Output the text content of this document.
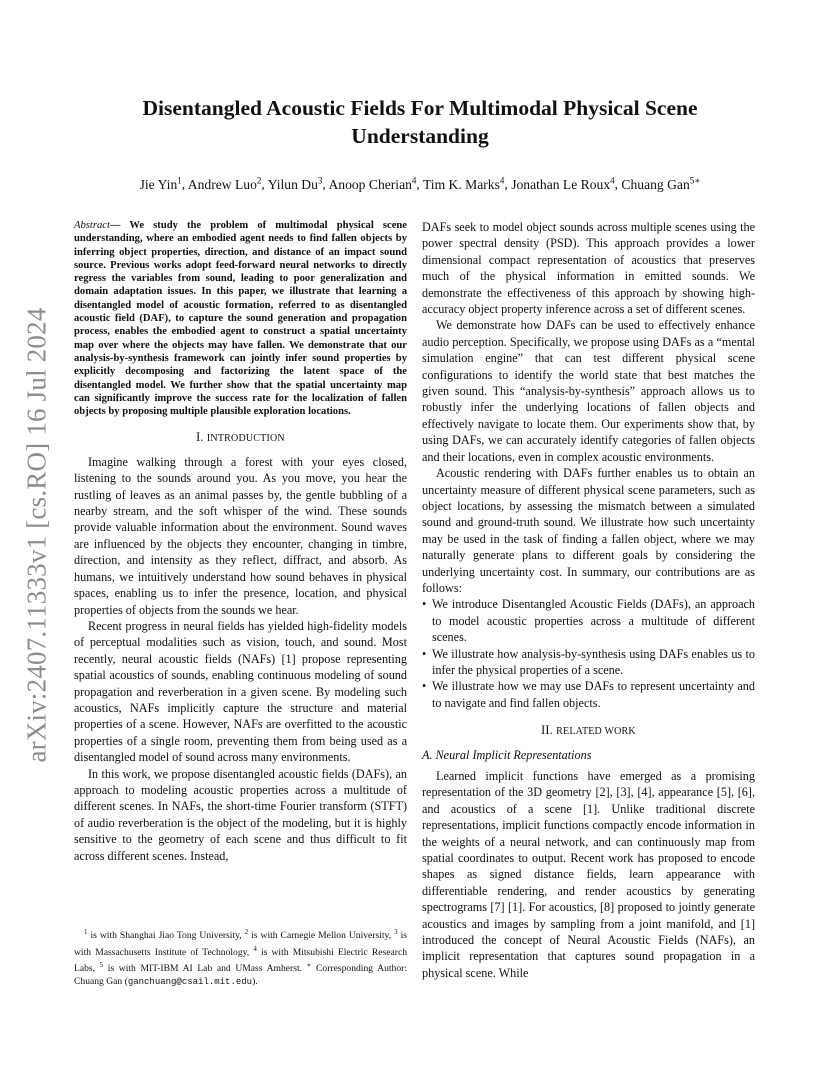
arXiv:2407.11333v1 [cs.RO] 16 Jul 2024
Disentangled Acoustic Fields For Multimodal Physical Scene
Understanding
Jie Yin$^1$, Andrew Luo$^2$, Yilun Du$^3$, Anoop Cherian$^4$, Tim K. Marks$^4$, Jonathan Le Roux$^4$, Chuang Gan$^{5∗}$
Abstract— We study the problem of multimodal physical scene understanding, where an embodied agent needs to find fallen objects by inferring object properties, direction, and distance of an impact sound source. Previous works adopt feed-forward neural networks to directly regress the variables from sound, leading to poor generalization and domain adaptation issues. In this paper, we illustrate that learning a disentangled model of acoustic formation, referred to as disentangled acoustic field (DAF), to capture the sound generation and propagation process, enables the embodied agent to construct a spatial uncertainty map over where the objects may have fallen. We demonstrate that our analysis-by-synthesis framework can jointly infer sound properties by explicitly decomposing and factorizing the latent space of the disentangled model. We further show that the spatial uncertainty map can significantly improve the success rate for the localization of fallen objects by proposing multiple plausible exploration locations.
I. INTRODUCTION

Imagine walking through a forest with your eyes closed, listening to the sounds around you. As you move, you hear the rustling of leaves as an animal passes by, the gentle bubbling of a nearby stream, and the soft whisper of the wind. These sounds provide valuable information about the environment. Sound waves are influenced by the objects they encounter, changing in timbre, direction, and intensity as they reflect, diffract, and absorb. As humans, we intuitively understand how sound behaves in physical spaces, enabling us to infer the presence, location, and physical properties of objects from the sounds we hear.

Recent progress in neural fields has yielded high-fidelity models of perceptual modalities such as vision, touch, and sound. Most recently, neural acoustic fields (NAFs) [1] propose representing spatial acoustics of sounds, enabling continuous modeling of sound propagation and reverberation in a given scene. By modeling such acoustics, NAFs implicitly capture the structure and material properties of a scene. However, NAFs are overfitted to the acoustic properties of a single room, preventing them from being used as a disentangled model of sound across many environments.

In this work, we propose disentangled acoustic fields (DAFs), an approach to modeling acoustic properties across a multitude of different scenes. In NAFs, the short-time Fourier transform (STFT) of audio reverberation is the object of the modeling, but it is highly sensitive to the geometry of each scene and thus difficult to fit across different scenes. Instead,

DAFs seek to model object sounds across multiple scenes using the power spectral density (PSD). This approach provides a lower dimensional compact representation of acoustics that preserves much of the physical information in emitted sounds. We demonstrate the effectiveness of this approach by showing high-accuracy object property inference across a set of different scenes.

We demonstrate how DAFs can be used to effectively enhance audio perception. Specifically, we propose using DAFs as a “mental simulation engine” that can test different physical scene configurations to identify the world state that best matches the given sound. This “analysis-by-synthesis” approach allows us to robustly infer the underlying locations of fallen objects and effectively navigate to locate them. Our experiments show that, by using DAFs, we can accurately identify categories of fallen objects and their locations, even in complex acoustic environments.

Acoustic rendering with DAFs further enables us to obtain an uncertainty measure of different physical scene parameters, such as object locations, by assessing the mismatch between a simulated sound and ground-truth sound. We illustrate how such uncertainty may be used in the task of finding a fallen object, where we may naturally generate plans to different goals by considering the underlying uncertainty cost. In summary, our contributions are as follows:

• We introduce Disentangled Acoustic Fields (DAFs), an approach to model acoustic properties across a multitude of different scenes.
• We illustrate how analysis-by-synthesis using DAFs enables us to infer the physical properties of a scene.
• We illustrate how we may use DAFs to represent uncertainty and to navigate and find fallen objects.
II. RELATED WORK
A. Neural Implicit Representations

Learned implicit functions have emerged as a promising representation of the 3D geometry [2], [3], [4], appearance [5], [6], and acoustics of a scene [1]. Unlike traditional discrete representations, implicit functions compactly encode information in the weights of a neural network, and can continuously map from spatial coordinates to output. Recent work has proposed to encode shapes as signed distance fields, learn appearance with differentiable rendering, and render acoustics by generating spectrograms [7] [1]. For acoustics, [8] proposed to jointly generate acoustics and images by sampling from a joint manifold, and [1] introduced the concept of Neural Acoustic Fields (NAFs), an implicit representation that captures sound propagation in a physical scene. While

$^1$ is with Shanghai Jiao Tong University, $^2$ is with Carnegie Mellon University, $^3$ is with Massachusetts Institute of Technology, $^4$ is with Mitsubishi Electric Research Labs, $^5$ is with MIT-IBM AI Lab and UMass Amherst. ∗ Corresponding Author: Chuang Gan (ganchuang@csail.mit.edu).
